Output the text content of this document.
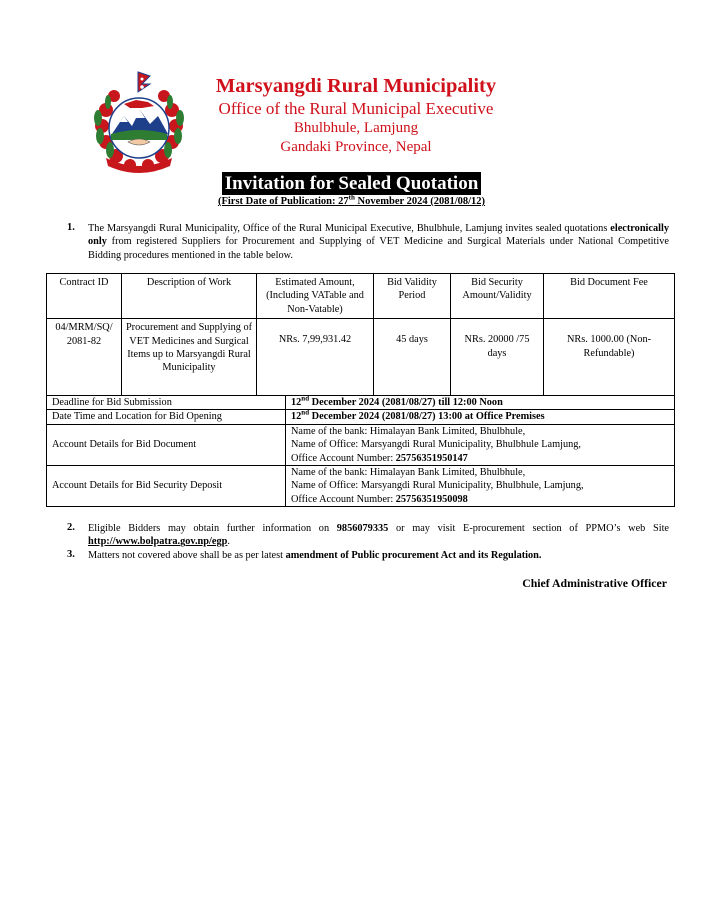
Marsyangdi Rural Municipality
Office of the Rural Municipal Executive
Bhulbhule, Lamjung
Gandaki Province, Nepal
Invitation for Sealed Quotation
(First Date of Publication: 27th November 2024 (2081/08/12)
1. The Marsyangdi Rural Municipality, Office of the Rural Municipal Executive, Bhulbhule, Lamjung invites sealed quotations electronically only from registered Suppliers for Procurement and Supplying of VET Medicine and Surgical Materials under National Competitive Bidding procedures mentioned in the table below.
Contract ID	Description of Work	Estimated Amount, (Including VATable and Non-Vatable)	Bid Validity Period	Bid Security Amount/Validity	Bid Document Fee
04/MRM/SQ/ 2081-82	Procurement and Supplying of VET Medicines and Surgical Items up to Marsyangdi Rural Municipality	NRs. 7,99,931.42	45 days	NRs. 20000 /75 days	NRs. 1000.00 (Non-Refundable)
Deadline for Bid Submission	12nd December 2024 (2081/08/27) till 12:00 Noon
Date Time and Location for Bid Opening	12nd December 2024 (2081/08/27) 13:00 at Office Premises
Account Details for Bid Document	Name of the bank: Himalayan Bank Limited, Bhulbhule,
Name of Office: Marsyangdi Rural Municipality, Bhulbhule Lamjung,
Office Account Number: 25756351950147

Account Details for Bid Security Deposit	Name of the bank: Himalayan Bank Limited, Bhulbhule,
Name of Office: Marsyangdi Rural Municipality, Bhulbhule, Lamjung,
Office Account Number: 25756351950098
2. Eligible Bidders may obtain further information on 9856079335 or may visit E-procurement section of PPMO’s web Site http://www.bolpatra.gov.np/egp.
3. Matters not covered above shall be as per latest amendment of Public procurement Act and its Regulation.
Chief Administrative Officer
